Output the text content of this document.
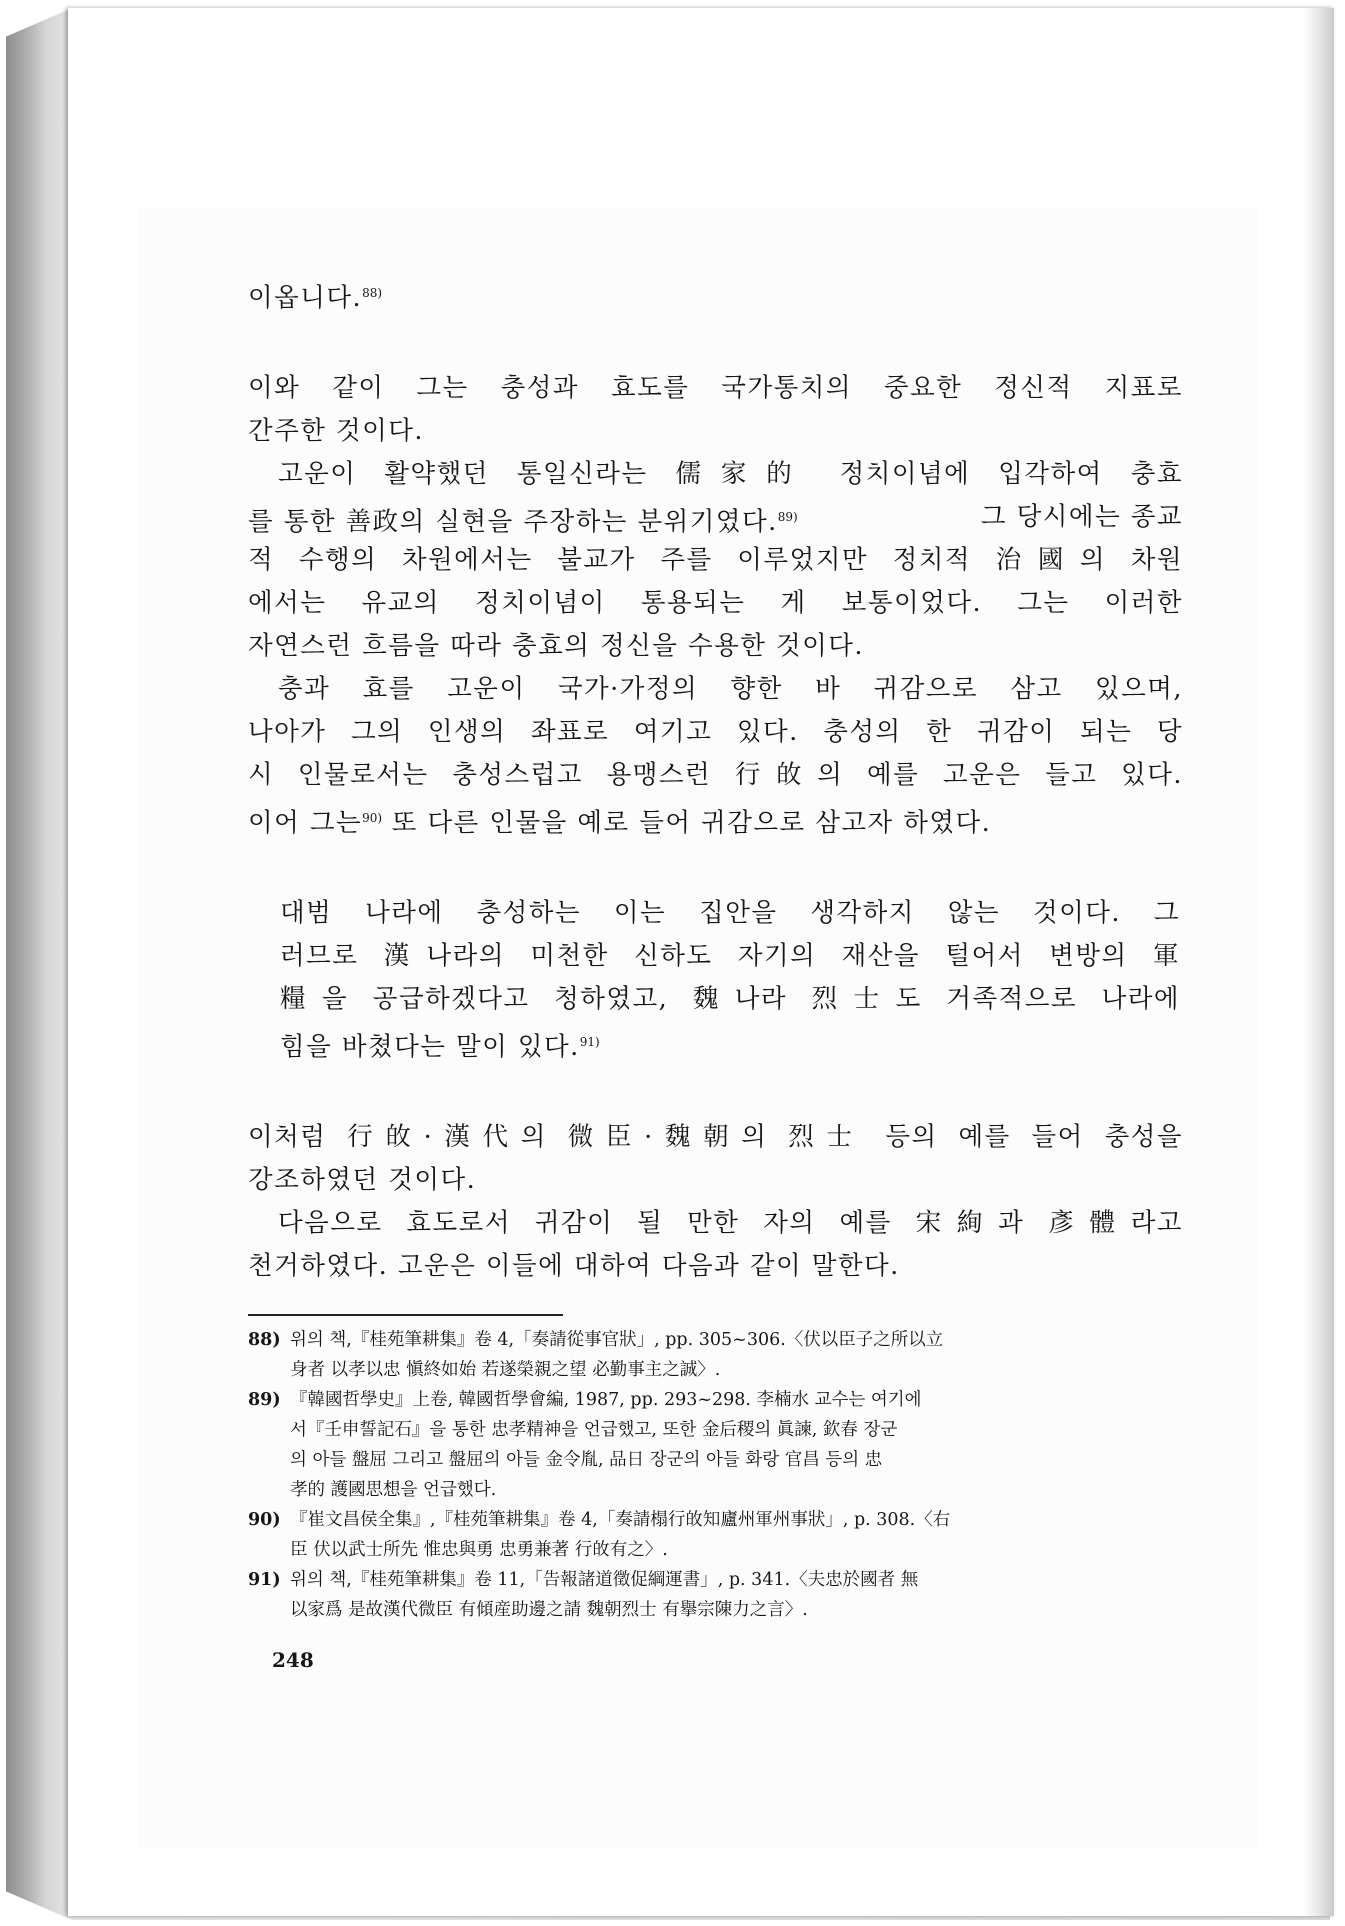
이옵니다.$^{88)}$
이와 같이 그는 충성과 효도를 국가통치의 중요한 정신적 지표로
간주한 것이다.
고운이 활약했던 통일신라는 儒家的 정치이념에 입각하여 충효
를 통한 善政의 실현을 주장하는 분위기였다.$^{89)}$	그 당시에는 종교
적 수행의 차원에서는 불교가 주를 이루었지만 정치적 治國의 차원
에서는 유교의 정치이념이 통용되는 게 보통이었다. 그는 이러한
자연스런 흐름을 따라 충효의 정신을 수용한 것이다.
충과 효를 고운이 국가·가정의 향한 바 귀감으로 삼고 있으며,
나아가 그의 인생의 좌표로 여기고 있다. 충성의 한 귀감이 되는 당
시 인물로서는 충성스럽고 용맹스런 行敀의 예를 고운은 들고 있다.
이어 그는$^{90)}$ 또 다른 인물을 예로 들어 귀감으로 삼고자 하였다.
대범 나라에 충성하는 이는 집안을 생각하지 않는 것이다. 그
러므로 漢나라의 미천한 신하도 자기의 재산을 털어서 변방의 軍
糧을 공급하겠다고 청하였고, 魏나라 烈士도 거족적으로 나라에
힘을 바쳤다는 말이 있다.$^{91)}$
이처럼 行敀·漢代의 微臣·魏朝의 烈士 등의 예를 들어 충성을
강조하였던 것이다.
다음으로 효도로서 귀감이 될 만한 자의 예를 宋絢과 彥體라고
천거하였다. 고운은 이들에 대하여 다음과 같이 말한다.
88) 위의 책,『桂苑筆耕集』卷 4,「奏請從事官狀」, pp. 305~306.〈伏以臣子之所以立
身者 以孝以忠 愼終如始 若遂榮親之望 必勤事主之誠〉.
89) 『韓國哲學史』上卷, 韓國哲學會編, 1987, pp. 293~298. 李楠水 교수는 여기에
서『壬申誓記石』을 통한 忠孝精神을 언급했고, 또한 金后稷의 眞諫, 欽春 장군
의 아들 盤屈 그리고 盤屈의 아들 金令胤, 品日 장군의 아들 화랑 官昌 등의 忠
孝的 護國思想을 언급했다.
90) 『崔文昌侯全集』,『桂苑筆耕集』卷 4,「奏請榻行敀知廬州軍州事狀」, p. 308.〈右
臣 伏以武士所先 惟忠與勇 忠勇兼著 行敀有之〉.
91) 위의 책,『桂苑筆耕集』卷 11,「告報諸道徵促綱運書」, p. 341.〈夫忠於國者 無
以家爲 是故漢代微臣 有傾産助邊之請 魏朝烈士 有擧宗陳力之言〉.
248
